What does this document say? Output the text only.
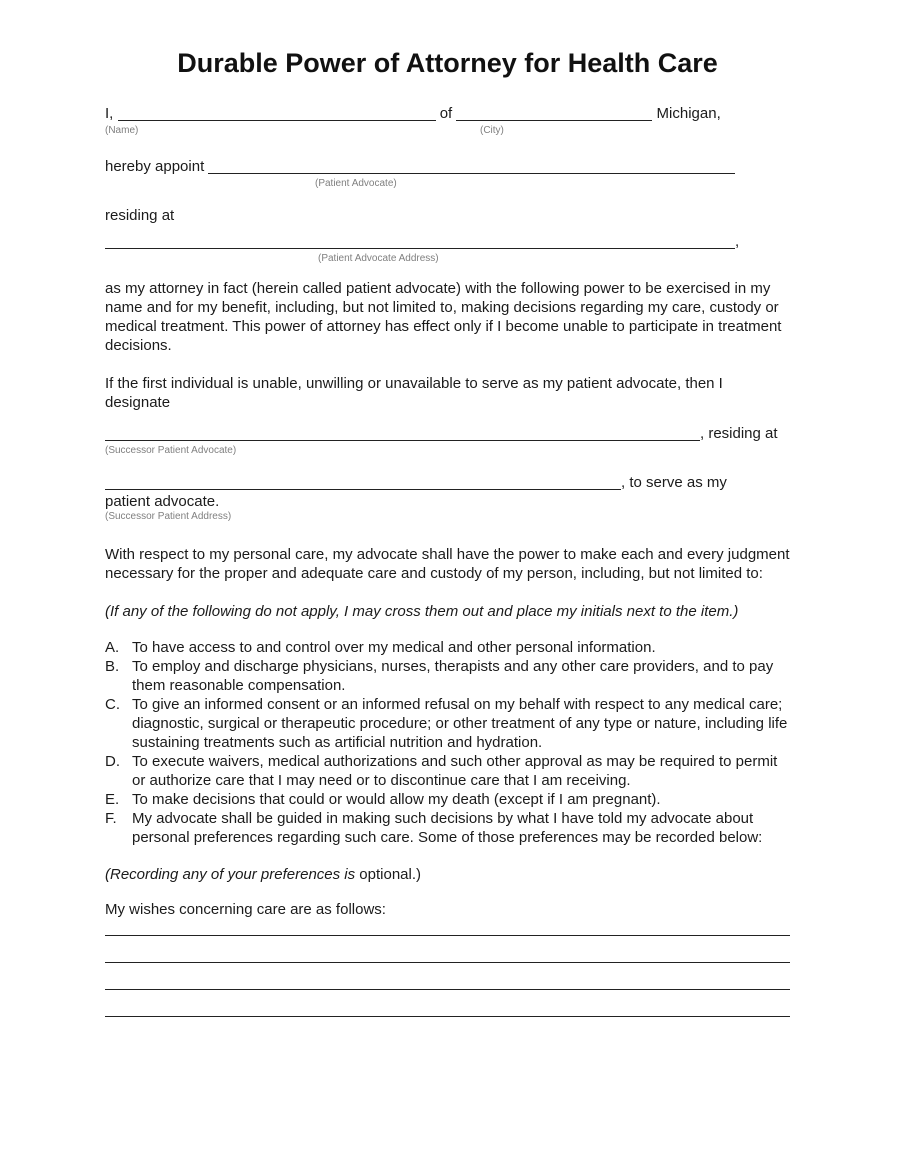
Durable Power of Attorney for Health Care
I,	of	Michigan,
(Name)	(City)
hereby appoint
(Patient Advocate)
residing at
,
(Patient Advocate Address)

as my attorney in fact (herein called patient advocate) with the following power to be exercised in my name and for my benefit, including, but not limited to, making decisions regarding my care, custody or medical treatment. This power of attorney has effect only if I become unable to participate in treatment decisions.

If the first individual is unable, unwilling or unavailable to serve as my patient advocate, then I designate

, residing at
(Successor Patient Advocate)
, to serve as my
patient advocate.
(Successor Patient Address)

With respect to my personal care, my advocate shall have the power to make each and every judgment necessary for the proper and adequate care and custody of my person, including, but not limited to:

(If any of the following do not apply, I may cross them out and place my initials next to the item.)

A. To have access to and control over my medical and other personal information.
B. To employ and discharge physicians, nurses, therapists and any other care providers, and to pay them reasonable compensation.
C. To give an informed consent or an informed refusal on my behalf with respect to any medical care; diagnostic, surgical or therapeutic procedure; or other treatment of any type or nature, including life sustaining treatments such as artificial nutrition and hydration.
D. To execute waivers, medical authorizations and such other approval as may be required to permit or authorize care that I may need or to discontinue care that I am receiving.
E. To make decisions that could or would allow my death (except if I am pregnant).
F.	My advocate shall be guided in making such decisions by what I have told my advocate about personal preferences regarding such care. Some of those preferences may be recorded below:

(Recording any of your preferences is optional.)

My wishes concerning care are as follows:
